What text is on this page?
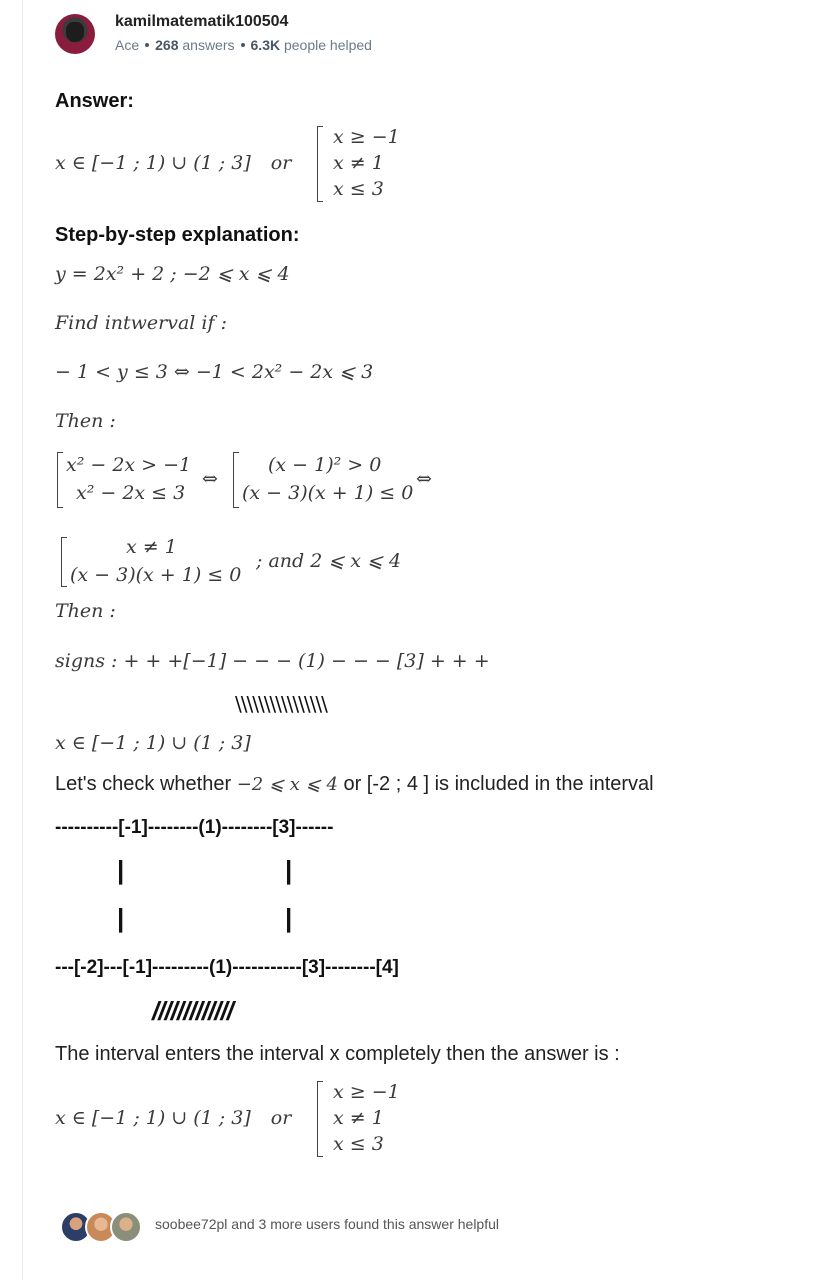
kamilmatematik100504
Ace 268 answers 6.3K people helped
Answer:
x ∈ [−1 ; 1) ∪ (1 ; 3] or
x ≥ −1
x ≠ 1
x ≤ 3
Step-by-step explanation:
y = 2x² + 2 ; −2 ⩽ x ⩽ 4
Find intwerval if :
− 1 < y ≤ 3 ⇔ −1 < 2x² − 2x ⩽ 3
Then :
x² − 2x > −1
x² − 2x ≤ 3
⇔
(x − 1)² > 0
(x − 3)(x + 1) ≤ 0
⇔
x ≠ 1
(x − 3)(x + 1) ≤ 0
; and 2 ⩽ x ⩽ 4
Then :
signs : + + +[−1] − − − (1) − − − [3] + + +
\\\\\\\\\\\\\\\\
x ∈ [−1 ; 1) ∪ (1 ; 3]
Let's check whether −2 ⩽ x ⩽ 4 or [-2 ; 4 ] is included in the interval
----------[-1]--------(1)--------[3]------
|	|
|	|
---[-2]---[-1]---------(1)-----------[3]--------[4]
/////////////
The interval enters the interval x completely then the answer is :
x ∈ [−1 ; 1) ∪ (1 ; 3] or
x ≥ −1
x ≠ 1
x ≤ 3
soobee72pl and 3 more users found this answer helpful
